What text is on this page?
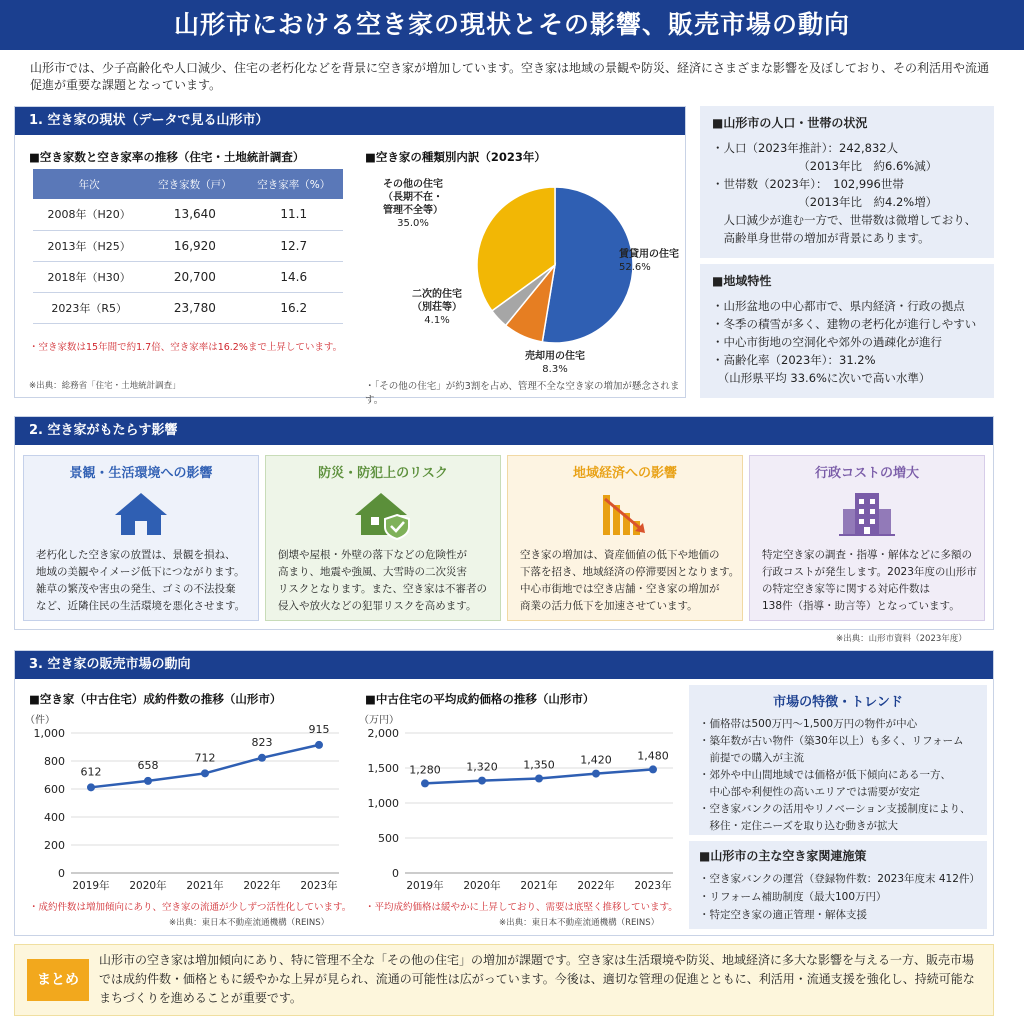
山形市における空き家の現状とその影響、販売市場の動向
山形市では、少子高齢化や人口減少、住宅の老朽化などを背景に空き家が増加しています。空き家は地域の景観や防災、経済にさまざまな影響を及ぼしており、その利活用や流通促進が重要な課題となっています。
1. 空き家の現状（データで見る山形市）
■空き家数と空き家率の推移（住宅・土地統計調査）
年次	空き家数（戸）	空き家率（%）
2008年（H20）	13,640	11.1
2013年（H25）	16,920	12.7
2018年（H30）	20,700	14.6
2023年（R5）	23,780	16.2
・空き家数は15年間で約1.7倍、空き家率は16.2%まで上昇しています。
※出典：総務省「住宅・土地統計調査」
■空き家の種類別内訳（2023年）
賃貸用の住宅 52.6%
売却用の住宅 8.3%
二次的住宅（別荘等） 4.1%
その他の住宅（長期不在・管理不全等） 35.0%
・「その他の住宅」が約3割を占め、管理不全な空き家の増加が懸念されます。
■山形市の人口・世帯の状況
・人口（2023年推計）：242,832人
　　　　　　　　（2013年比　約6.6%減）
・世帯数（2023年）：　102,996世帯
　　　　　　　　（2013年比　約4.2%増）
　人口減少が進む一方で、世帯数は微増しており、
　高齢単身世帯の増加が背景にあります。
■地域特性
・山形盆地の中心都市で、県内経済・行政の拠点
・冬季の積雪が多く、建物の老朽化が進行しやすい
・中心市街地の空洞化や郊外の過疎化が進行
・高齢化率（2023年）：31.2%
　（山形県平均 33.6%に次いで高い水準）
2. 空き家がもたらす影響
景観・生活環境への影響
老朽化した空き家の放置は、景観を損ね、
地域の美観やイメージ低下につながります。
雑草の繁茂や害虫の発生、ゴミの不法投棄
など、近隣住民の生活環境を悪化させます。
防災・防犯上のリスク
倒壊や屋根・外壁の落下などの危険性が
高まり、地震や強風、大雪時の二次災害
リスクとなります。また、空き家は不審者の
侵入や放火などの犯罪リスクを高めます。
地域経済への影響
空き家の増加は、資産価値の低下や地価の
下落を招き、地域経済の停滞要因となります。
中心市街地では空き店舗・空き家の増加が
商業の活力低下を加速させています。
行政コストの増大
特定空き家の調査・指導・解体などに多額の
行政コストが発生します。2023年度の山形市
の特定空き家等に関する対応件数は
138件（指導・助言等）となっています。
※出典：山形市資料（2023年度）
3. 空き家の販売市場の動向
■空き家（中古住宅）成約件数の推移（山形市）
（件）
0
200
400
600
800
1,000
612
2019年
658
2020年
712
2021年
823
2022年
915
2023年
・成約件数は増加傾向にあり、空き家の流通が少しずつ活性化しています。
※出典：東日本不動産流通機構（REINS）
■中古住宅の平均成約価格の推移（山形市）
（万円）
0
500
1,000
1,500
2,000
1,280
2019年
1,320
2020年
1,350
2021年
1,420
2022年
1,480
2023年
・平均成約価格は緩やかに上昇しており、需要は底堅く推移しています。
※出典：東日本不動産流通機構（REINS）
市場の特徴・トレンド
・価格帯は500万円～1,500万円の物件が中心
・築年数が古い物件（築30年以上）も多く、リフォーム
　前提での購入が主流
・郊外や中山間地域では価格が低下傾向にある一方、
　中心部や利便性の高いエリアでは需要が安定
・空き家バンクの活用やリノベーション支援制度により、
　移住・定住ニーズを取り込む動きが拡大
■山形市の主な空き家関連施策
・空き家バンクの運営（登録物件数：2023年度末 412件）
・リフォーム補助制度（最大100万円）
・特定空き家の適正管理・解体支援
まとめ
山形市の空き家は増加傾向にあり、特に管理不全な「その他の住宅」の増加が課題です。空き家は生活環境や防災、地域経済に多大な影響を与える一方、販売市場では成約件数・価格ともに緩やかな上昇が見られ、流通の可能性は広がっています。今後は、適切な管理の促進とともに、利活用・流通支援を強化し、持続可能なまちづくりを進めることが重要です。
